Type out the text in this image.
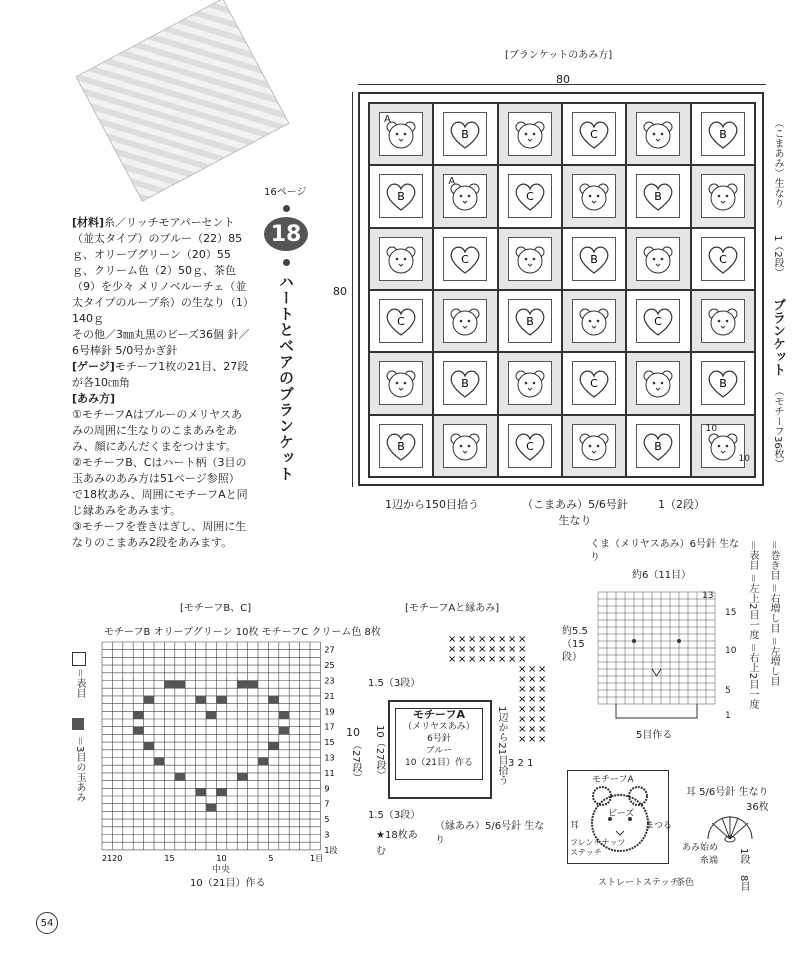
16ページ
18
ハートとベアのブランケット
[材料]糸／リッチモアパーセント（並太タイプ）のブルー（22）85ｇ、オリーブグリーン（20）55ｇ、クリーム色（2）50ｇ、茶色（9）を少々 メリノベルーチェ（並太タイプのループ糸）の生なり（1）140ｇ
その他／3㎜丸黒のビーズ36個 針／6号棒針 5/0号かぎ針
[ゲージ]モチーフ1枚の21目、27段が各10㎝角
[あみ方]
①モチーフAはブルーのメリヤスあみの周囲に生なりのこまあみをあみ、顔にあんだくまをつけます。
②モチーフB、Cはハート柄（3目の玉あみのあみ方は51ページ参照）で18枚あみ、周囲にモチーフAと同じ縁あみをあみます。
③モチーフを巻きはぎし、周囲に生なりのこまあみ2段をあみます。
[ブランケットのあみ方]
80
80
A
B	C	B
B
A
C	B
C	B	C
C	B	C
B	C	B
B	C	B
10
10
（こまあみ）生なり
1（2段）
ブランケット
（モチーフ36枚）
1辺から150目拾う	（こまあみ）5/6号針 生なり
1（2段）
[モチーフB、C]
モチーフB オリーブグリーン 10枚 モチーフC クリーム色 8枚
＝表目
＝3目の玉あみ
27
25
23
21
19
17
15
13
11
9
7
5
3
1段
2120	15	10	5	1目
10
（27段）
中央
10（21目）作る
[モチーフAと縁あみ]
× × × × × × × ×
× × × × × × × ×
× × × × × × × ×
× × ×
× × ×
× × ×
× × ×
× × ×
× × ×
× × ×
× × ×
モチーフA
（メリヤスあみ）
6号針
ブルー
10（21目）作る
1.5（3段）
10（27段）
1.5（3段）
1辺から21目拾う 3 2 1
（縁あみ）5/6号針 生なり
★18枚あむ
くま（メリヤスあみ）6号針 生なり
約6（11目）
約5.5（15段）
5目作る
13
15
10
5
1
＝表目 ＝左上2目一度 ＝右上2目一度
＝巻き目 ＝右増し目 ＝左増し目
モチーフA
ビーズ
耳	まつる
フレンチナッツステッチ
ストレートステッチ
茶色
耳 5/6号針 生なり
36枚
あみ始め
糸端 1段
8目
54
